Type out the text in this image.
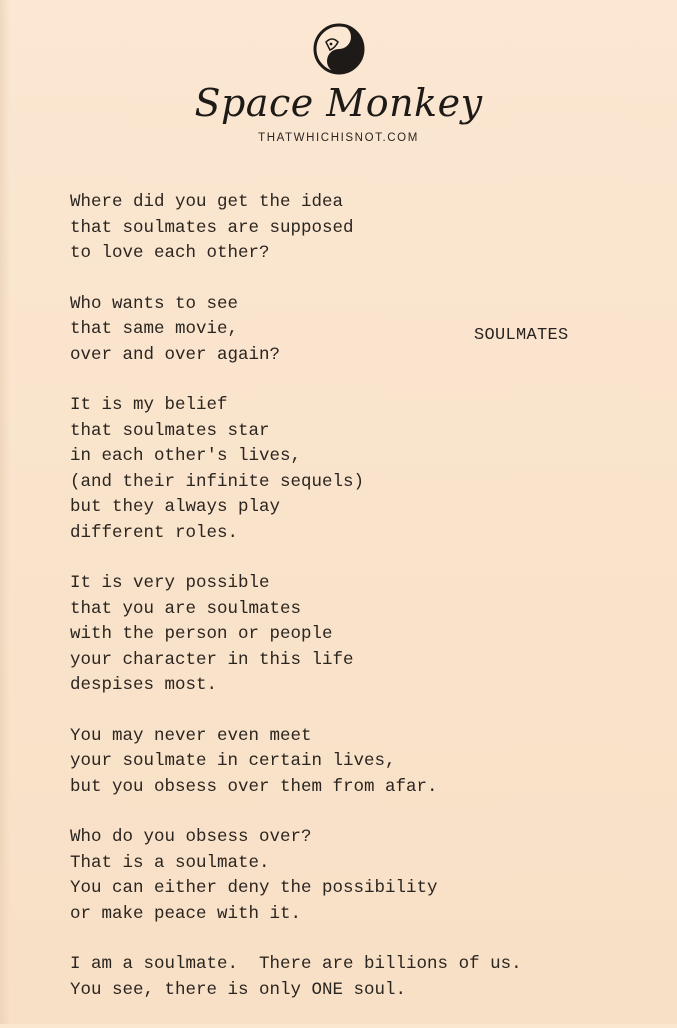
Space Monkey
THATWHICHISNOT.COM
SOULMATES
Where did you get the idea
that soulmates are supposed
to love each other?
Who wants to see
that same movie,
over and over again?
It is my belief
that soulmates star
in each other's lives,
(and their infinite sequels)
but they always play
different roles.
It is very possible
that you are soulmates
with the person or people
your character in this life
despises most.
You may never even meet
your soulmate in certain lives,
but you obsess over them from afar.
Who do you obsess over?
That is a soulmate.
You can either deny the possibility
or make peace with it.
I am a soulmate.  There are billions of us.
You see, there is only ONE soul.
